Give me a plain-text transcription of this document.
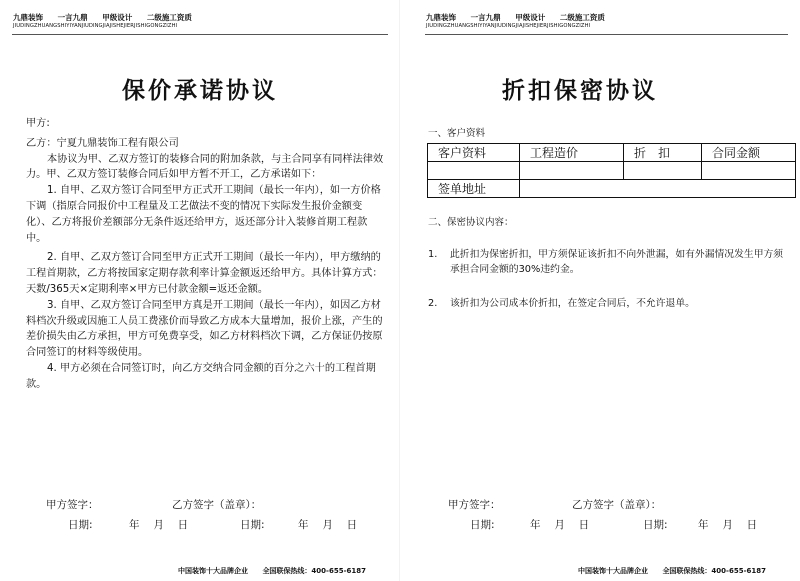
九鼎装饰 一言九鼎 甲级设计 二级施工资质
JIUDINGZHUANGSHIYIYANJIUDINGJIAJISHEJIERJISHIGONGZIZHI
保价承诺协议

甲方:

乙方：宁夏九鼎装饰工程有限公司

本协议为甲、乙双方签订的装修合同的附加条款，与主合同享有同样法律效力。甲、乙双方签订装修合同后如甲方暂不开工，乙方承诺如下：

1. 自甲、乙双方签订合同至甲方正式开工期间（最长一年内），如一方价格下调（指原合同报价中工程量及工艺做法不变的情况下实际发生报价金额变化）、乙方将报价差额部分无条件返还给甲方，返还部分计入装修首期工程款中。

2. 自甲、乙双方签订合同至甲方正式开工期间（最长一年内），甲方缴纳的工程首期款，乙方将按国家定期存款利率计算金额返还给甲方。具体计算方式：天数/365天×定期利率×甲方已付款金额=返还金额。

3. 自甲、乙双方签订合同至甲方真是开工期间（最长一年内），如因乙方材料档次升级或因施工人员工费涨价而导致乙方成本大量增加，报价上涨，产生的差价损失由乙方承担，甲方可免费享受，如乙方材料档次下调，乙方保证仍按原合同签订的材料等级使用。

4. 甲方必须在合同签订时，向乙方交纳合同金额的百分之六十的工程首期款。

甲方签字：	乙方签字（盖章）：
日期:	年　 月　 日	日期:	年　 月　 日
中国装饰十大品牌企业 全国联保热线：400-655-6187
九鼎装饰 一言九鼎 甲级设计 二级施工资质
JIUDINGZHUANGSHIYIYANJIUDINGJIAJISHEJIERJISHIGONGZIZHI
折扣保密协议
一、客户资料
客户资料	工程造价	折　扣	合同金额

签单地址			
二、保密协议内容：
1. 此折扣为保密折扣，甲方须保证该折扣不向外泄漏，如有外漏情况发生甲方须承担合同金额的30%违约金。
2. 该折扣为公司成本价折扣，在签定合同后，不允许退单。
甲方签字：	乙方签字（盖章）：
日期:	年　 月　 日	日期:	年　 月　 日
中国装饰十大品牌企业 全国联保热线：400-655-6187
